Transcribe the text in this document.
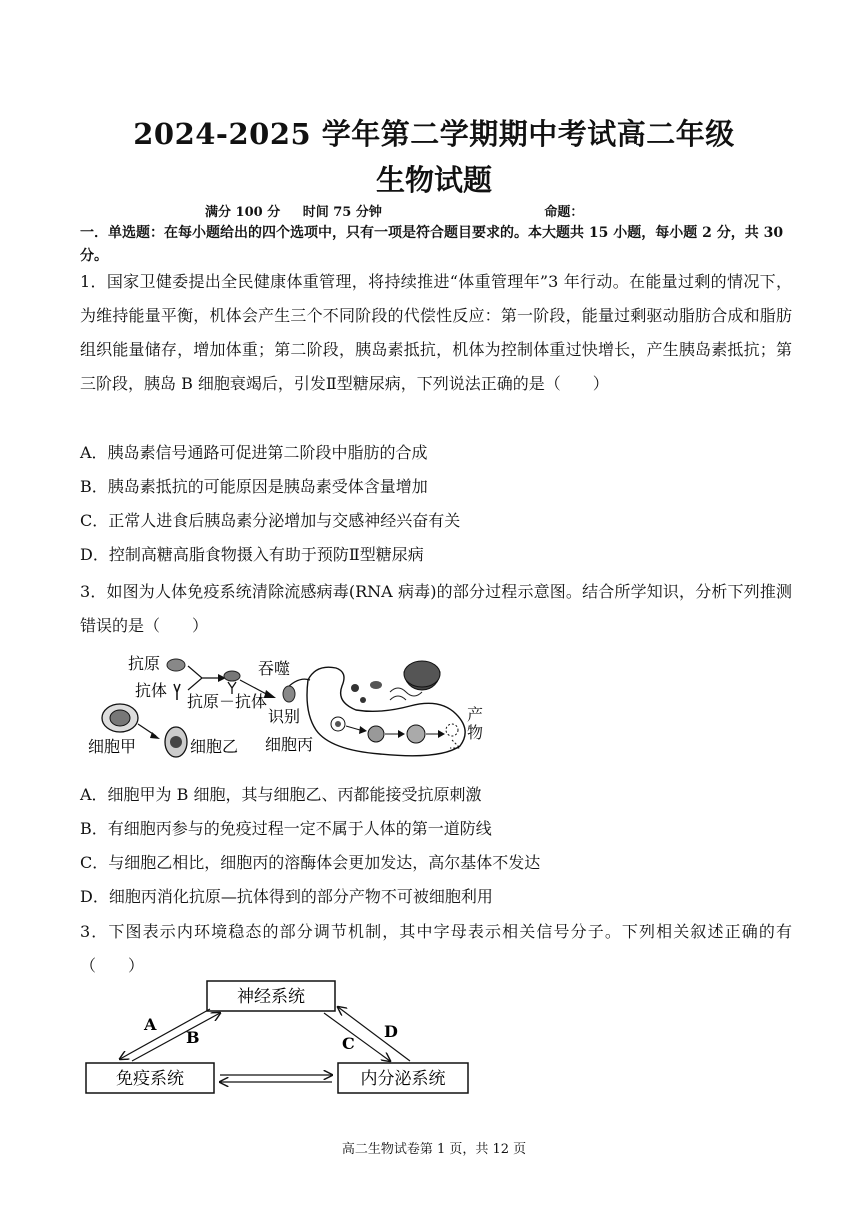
2024-2025 学年第二学期期中考试高二年级
生物试题
满分 100 分 时间 75 分钟	命题：
一．单选题：在每小题给出的四个选项中，只有一项是符合题目要求的。本大题共 15 小题，每小题 2 分，共 30 分。
1．国家卫健委提出全民健康体重管理，将持续推进“体重管理年”3 年行动。在能量过剩的情况下，为维持能量平衡，机体会产生三个不同阶段的代偿性反应：第一阶段，能量过剩驱动脂肪合成和脂肪组织能量储存，增加体重；第二阶段，胰岛素抵抗，机体为控制体重过快增长，产生胰岛素抵抗；第三阶段，胰岛 B 细胞衰竭后，引发Ⅱ型糖尿病，下列说法正确的是（　　）
A．胰岛素信号通路可促进第二阶段中脂肪的合成
B．胰岛素抵抗的可能原因是胰岛素受体含量增加
C．正常人进食后胰岛素分泌增加与交感神经兴奋有关
D．控制高糖高脂食物摄入有助于预防Ⅱ型糖尿病
3．如图为人体免疫系统清除流感病毒(RNA 病毒)的部分过程示意图。结合所学知识，分析下列推测错误的是（　　）
抗原
抗体
抗原－抗体
吞噬
识别
细胞甲	细胞乙 细胞丙
产物
A．细胞甲为 B 细胞，其与细胞乙、丙都能接受抗原刺激
B．有细胞丙参与的免疫过程一定不属于人体的第一道防线
C．与细胞乙相比，细胞丙的溶酶体会更加发达，高尔基体不发达
D．细胞丙消化抗原—抗体得到的部分产物不可被细胞利用
3．下图表示内环境稳态的部分调节机制，其中字母表示相关信号分子。下列相关叙述正确的有（　　）
神经系统
免疫系统	内分泌系统
A
B	C
D
高二生物试卷第 1 页，共 12 页
